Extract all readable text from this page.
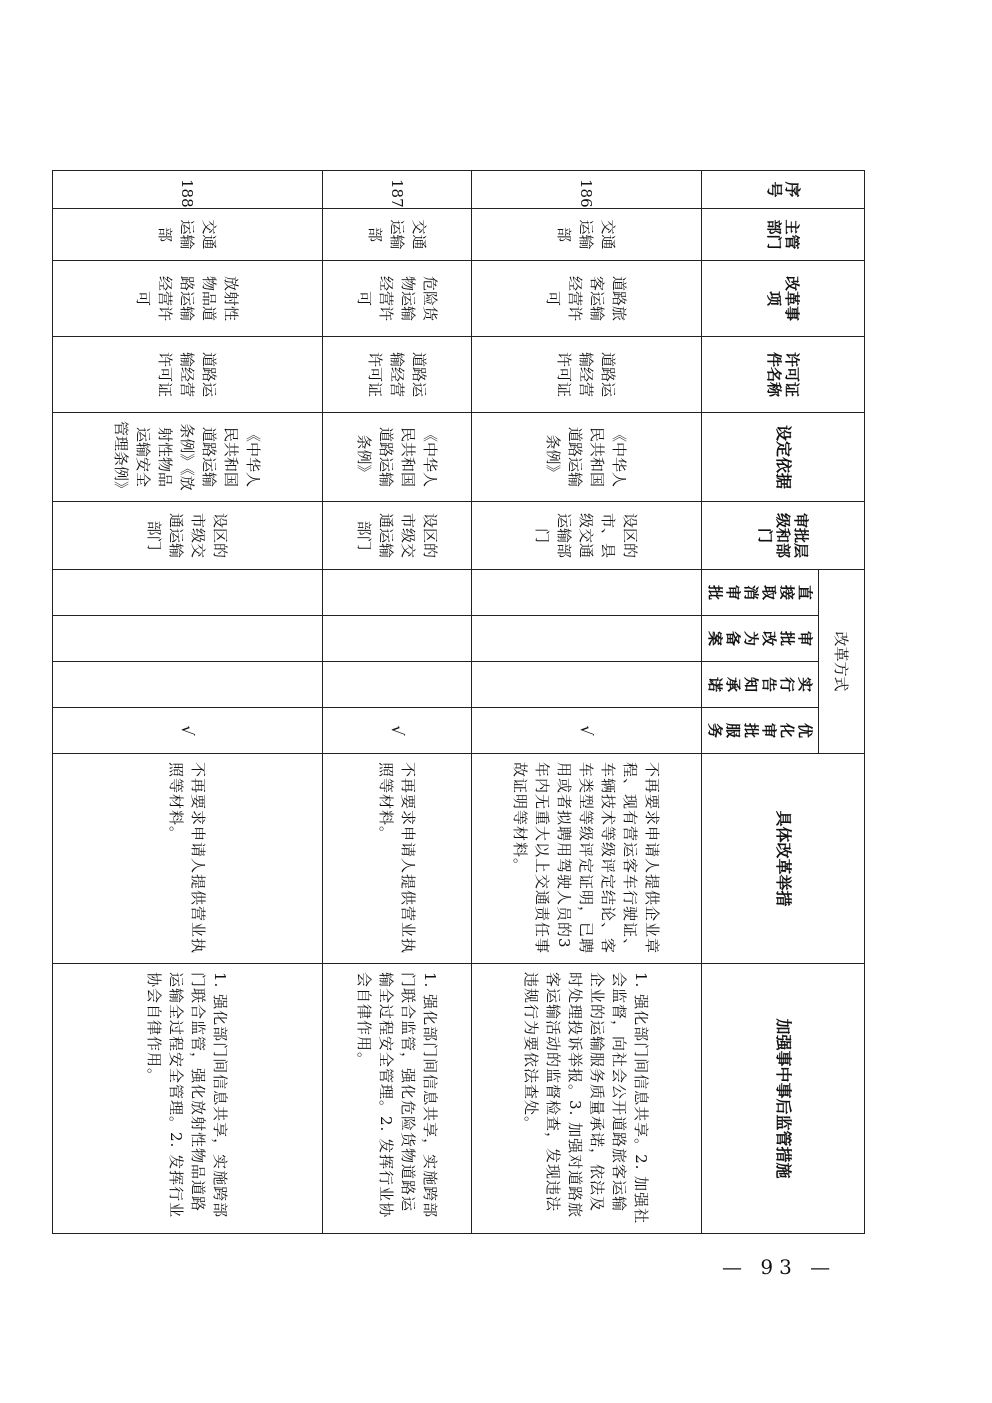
序号	主管部门	改革事项	许可证件名称	设定依据	审批层级和部门	改革方式				具体改革举措	加强事中事后监管措施
						直接取消审批	审批改为备案	实行告知承诺	优化审批服务		
186	交通运输部	道路旅客运输经营许可	道路运输经营许可证	《中华人民共和国道路运输条例》	设区的市、县级交通运输部门				√	不再要求申请人提供企业章程、现有营运客车行驶证、车辆技术等级评定结论、客车类型等级评定证明，已聘用或者拟聘用驾驶人员的3年内无重大以上交通责任事故证明等材料。	1. 强化部门间信息共享。2. 加强社会监督，向社会公开道路旅客运输企业的运输服务质量承诺，依法及时处理投诉举报。3. 加强对道路旅客运输活动的监督检查，发现违法违规行为要依法查处。
187	交通运输部	危险货物运输经营许可	道路运输经营许可证	《中华人民共和国道路运输条例》	设区的市级交通运输部门				√	不再要求申请人提供营业执照等材料。	1. 强化部门间信息共享，实施跨部门联合监管，强化危险货物道路运输全过程安全管理。2. 发挥行业协会自律作用。
188	交通运输部	放射性物品道路运输经营许可	道路运输经营许可证	《中华人民共和国道路运输条例》《放射性物品运输安全管理条例》	设区的市级交通运输部门				√	不再要求申请人提供营业执照等材料。	1. 强化部门间信息共享，实施跨部门联合监管，强化放射性物品道路运输全过程安全管理。2. 发挥行业协会自律作用。
— 93 —
